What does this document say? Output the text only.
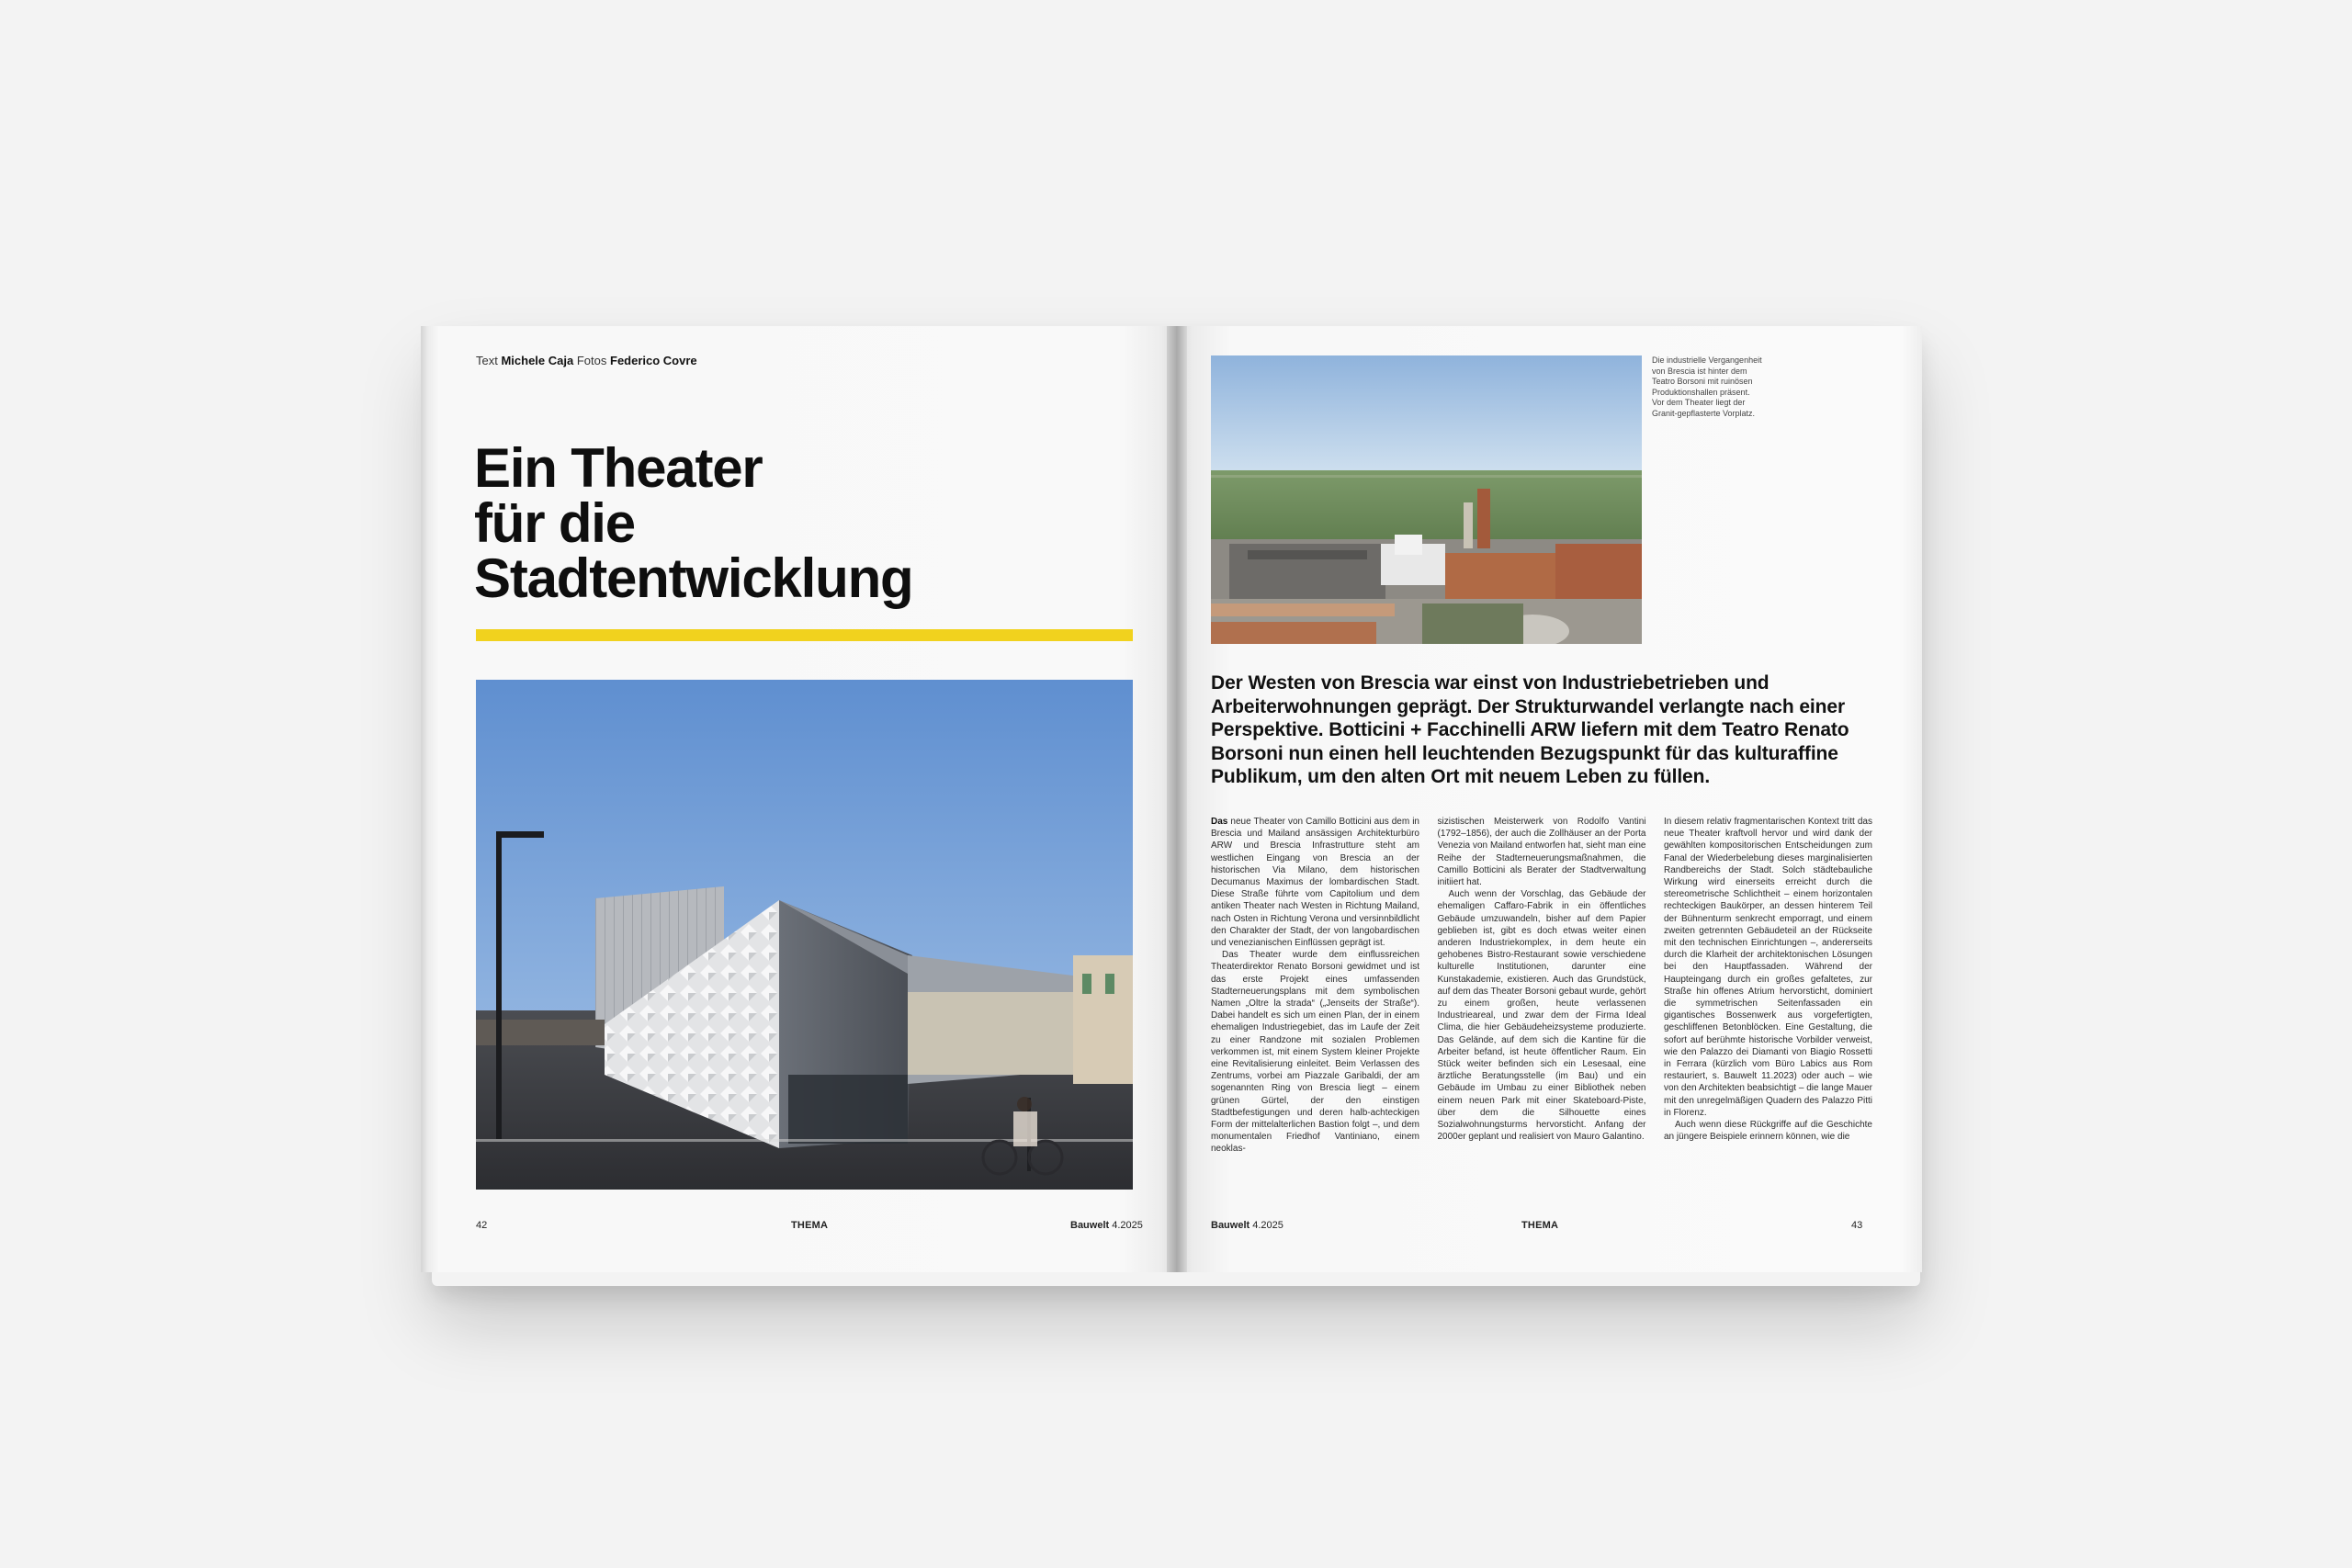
Text Michele Caja Fotos Federico Covre
Ein Theater
für die
Stadtentwicklung
42	THEMA	Bauwelt 4.2025
Die industrielle Vergangenheit von Brescia ist hinter dem Teatro Borsoni mit ruinösen Produktionshallen präsent. Vor dem Theater liegt der Granit-gepflasterte Vorplatz.

Der Westen von Brescia war einst von Industriebetrieben und Arbeiterwohnungen geprägt. Der Strukturwandel verlangte nach einer Perspektive. Botticini + Facchinelli ARW liefern mit dem Teatro Renato Borsoni nun einen hell leuchtenden Bezugspunkt für das kulturaffine Publikum, um den alten Ort mit neuem Leben zu füllen.

Das neue Theater von Camillo Botticini aus dem in Brescia und Mailand ansässigen Architekturbüro ARW und Brescia Infrastrutture steht am westlichen Eingang von Brescia an der historischen Via Milano, dem historischen Decumanus Maximus der lombardischen Stadt. Diese Straße führte vom Capitolium und dem antiken Theater nach Westen in Richtung Mailand, nach Osten in Richtung Verona und versinnbildlicht den Charakter der Stadt, der von langobardischen und venezianischen Einflüssen geprägt ist.

Das Theater wurde dem einflussreichen Theaterdirektor Renato Borsoni gewidmet und ist das erste Projekt eines umfassenden Stadterneuerungsplans mit dem symbolischen Namen „Oltre la strada“ („Jenseits der Straße“). Dabei handelt es sich um einen Plan, der in einem ehemaligen Industriegebiet, das im Laufe der Zeit zu einer Randzone mit sozialen Problemen verkommen ist, mit einem System kleiner Projekte eine Revitalisierung einleitet. Beim Verlassen des Zentrums, vorbei am Piazzale Garibaldi, der am sogenannten Ring von Brescia liegt – einem grünen Gürtel, der den einstigen Stadtbefestigungen und deren halb-achteckigen Form der mittelalterlichen Bastion folgt –, und dem monumentalen Friedhof Vantiniano, einem neoklas-

sizistischen Meisterwerk von Rodolfo Vantini (1792–1856), der auch die Zollhäuser an der Porta Venezia von Mailand entworfen hat, sieht man eine Reihe der Stadterneuerungsmaßnahmen, die Camillo Botticini als Berater der Stadtverwaltung initiiert hat.

Auch wenn der Vorschlag, das Gebäude der ehemaligen Caffaro-Fabrik in ein öffentliches Gebäude umzuwandeln, bisher auf dem Papier geblieben ist, gibt es doch etwas weiter einen anderen Industriekomplex, in dem heute ein gehobenes Bistro-Restaurant sowie verschiedene kulturelle Institutionen, darunter eine Kunstakademie, existieren. Auch das Grundstück, auf dem das Theater Borsoni gebaut wurde, gehört zu einem großen, heute verlassenen Industrieareal, und zwar dem der Firma Ideal Clima, die hier Gebäudeheizsysteme produzierte. Das Gelände, auf dem sich die Kantine für die Arbeiter befand, ist heute öffentlicher Raum. Ein Stück weiter befinden sich ein Lesesaal, eine ärztliche Beratungsstelle (im Bau) und ein Gebäude im Umbau zu einer Bibliothek neben einem neuen Park mit einer Skateboard-Piste, über dem die Silhouette eines Sozialwohnungsturms hervorsticht. Anfang der 2000er geplant und realisiert von Mauro Galantino.

In diesem relativ fragmentarischen Kontext tritt das neue Theater kraftvoll hervor und wird dank der gewählten kompositorischen Entscheidungen zum Fanal der Wiederbelebung dieses marginalisierten Randbereichs der Stadt. Solch städtebauliche Wirkung wird einerseits erreicht durch die stereometrische Schlichtheit – einem horizontalen rechteckigen Baukörper, an dessen hinterem Teil der Bühnenturm senkrecht emporragt, und einem zweiten getrennten Gebäudeteil an der Rückseite mit den technischen Einrichtungen –, andererseits durch die Klarheit der architektonischen Lösungen bei den Hauptfassaden. Während der Haupteingang durch ein großes gefaltetes, zur Straße hin offenes Atrium hervorsticht, dominiert die symmetrischen Seitenfassaden ein gigantisches Bossenwerk aus vorgefertigten, geschliffenen Betonblöcken. Eine Gestaltung, die sofort auf berühmte historische Vorbilder verweist, wie den Palazzo dei Diamanti von Biagio Rossetti in Ferrara (kürzlich vom Büro Labics aus Rom restauriert, s. Bauwelt 11.2023) oder auch – wie von den Architekten beabsichtigt – die lange Mauer mit den unregelmäßigen Quadern des Palazzo Pitti in Florenz.

Auch wenn diese Rückgriffe auf die Geschichte an jüngere Beispiele erinnern können, wie die

Bauwelt 4.2025	THEMA	43
